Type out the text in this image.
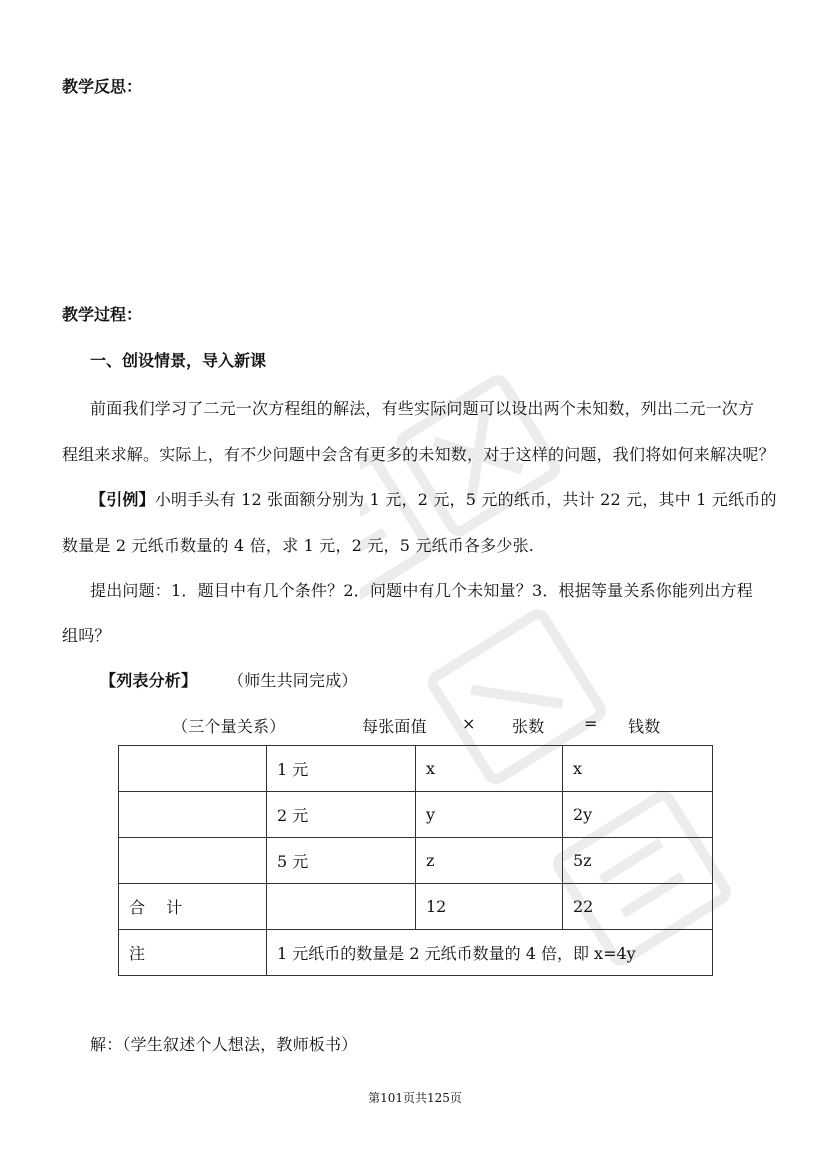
教学反思：
教学过程：
一、创设情景，导入新课
前面我们学习了二元一次方程组的解法，有些实际问题可以设出两个未知数，列出二元一次方
程组来求解。实际上，有不少问题中会含有更多的未知数，对于这样的问题，我们将如何来解决呢？
【引例】小明手头有 12 张面额分别为 1 元，2 元，5 元的纸币，共计 22 元，其中 1 元纸币的
数量是 2 元纸币数量的 4 倍，求 1 元，2 元，5 元纸币各多少张.
提出问题：1．题目中有几个条件？2．问题中有几个未知量？3．根据等量关系你能列出方程
组吗？
【列表分析】 （师生共同完成）
（三个量关系）	每张面值 × 张数 = 钱数
	1 元	x	x
	2 元	y	2y
	5 元	z	5z
合　 计		12	22
注	1 元纸币的数量是 2 元纸币数量的 4 倍，即 x=4y		
解：（学生叙述个人想法，教师板书）
第101页共125页
